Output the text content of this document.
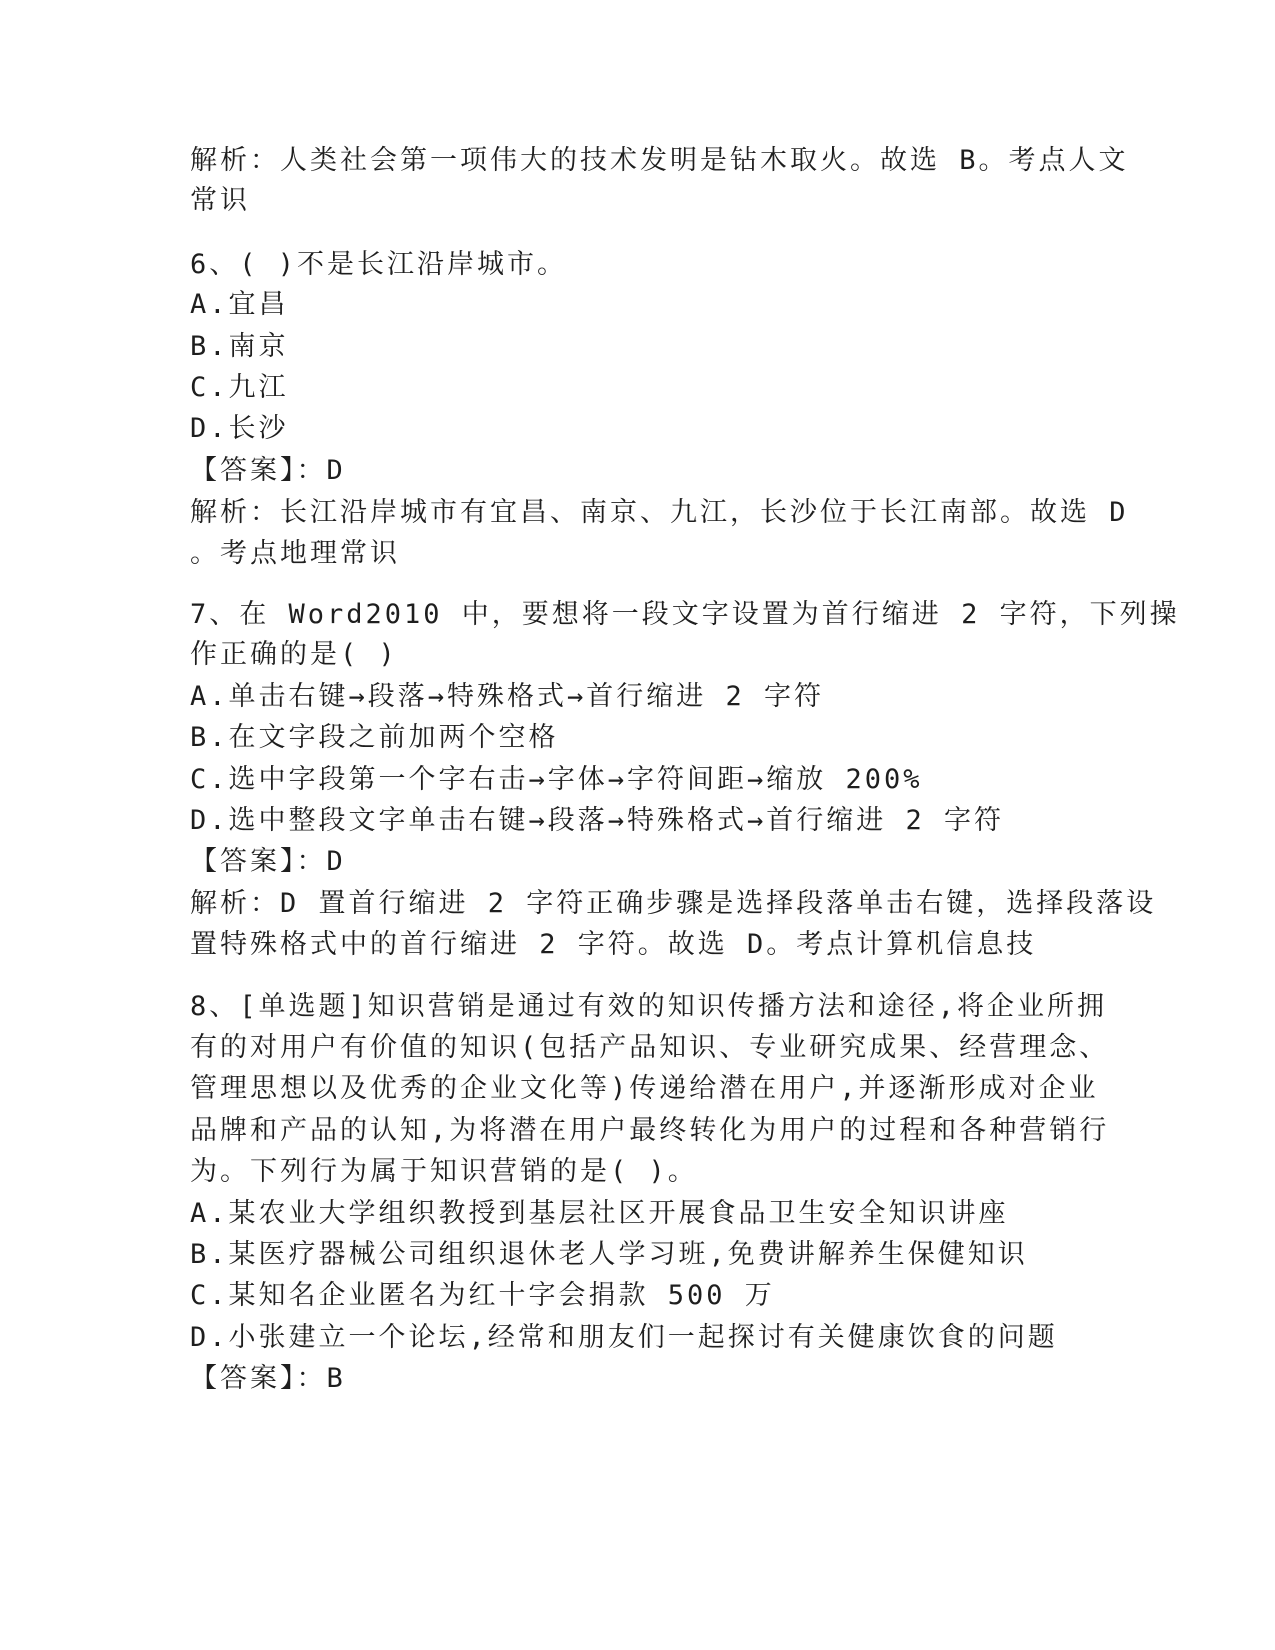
解析：人类社会第一项伟大的技术发明是钻木取火。故选 B。考点人文
常识
6、( )不是长江沿岸城市。
A.宜昌
B.南京
C.九江
D.长沙
【答案】：D
解析：长江沿岸城市有宜昌、南京、九江，长沙位于长江南部。故选 D
。考点地理常识
7、在 Word2010 中，要想将一段文字设置为首行缩进 2 字符，下列操
作正确的是( )
A.单击右键→段落→特殊格式→首行缩进 2 字符
B.在文字段之前加两个空格
C.选中字段第一个字右击→字体→字符间距→缩放 200%
D.选中整段文字单击右键→段落→特殊格式→首行缩进 2 字符
【答案】：D
解析：D 置首行缩进 2 字符正确步骤是选择段落单击右键，选择段落设
置特殊格式中的首行缩进 2 字符。故选 D。考点计算机信息技
8、[单选题]知识营销是通过有效的知识传播方法和途径,将企业所拥
有的对用户有价值的知识(包括产品知识、专业研究成果、经营理念、
管理思想以及优秀的企业文化等)传递给潜在用户,并逐渐形成对企业
品牌和产品的认知,为将潜在用户最终转化为用户的过程和各种营销行
为。下列行为属于知识营销的是( )。
A.某农业大学组织教授到基层社区开展食品卫生安全知识讲座
B.某医疗器械公司组织退休老人学习班,免费讲解养生保健知识
C.某知名企业匿名为红十字会捐款 500 万
D.小张建立一个论坛,经常和朋友们一起探讨有关健康饮食的问题
【答案】：B
